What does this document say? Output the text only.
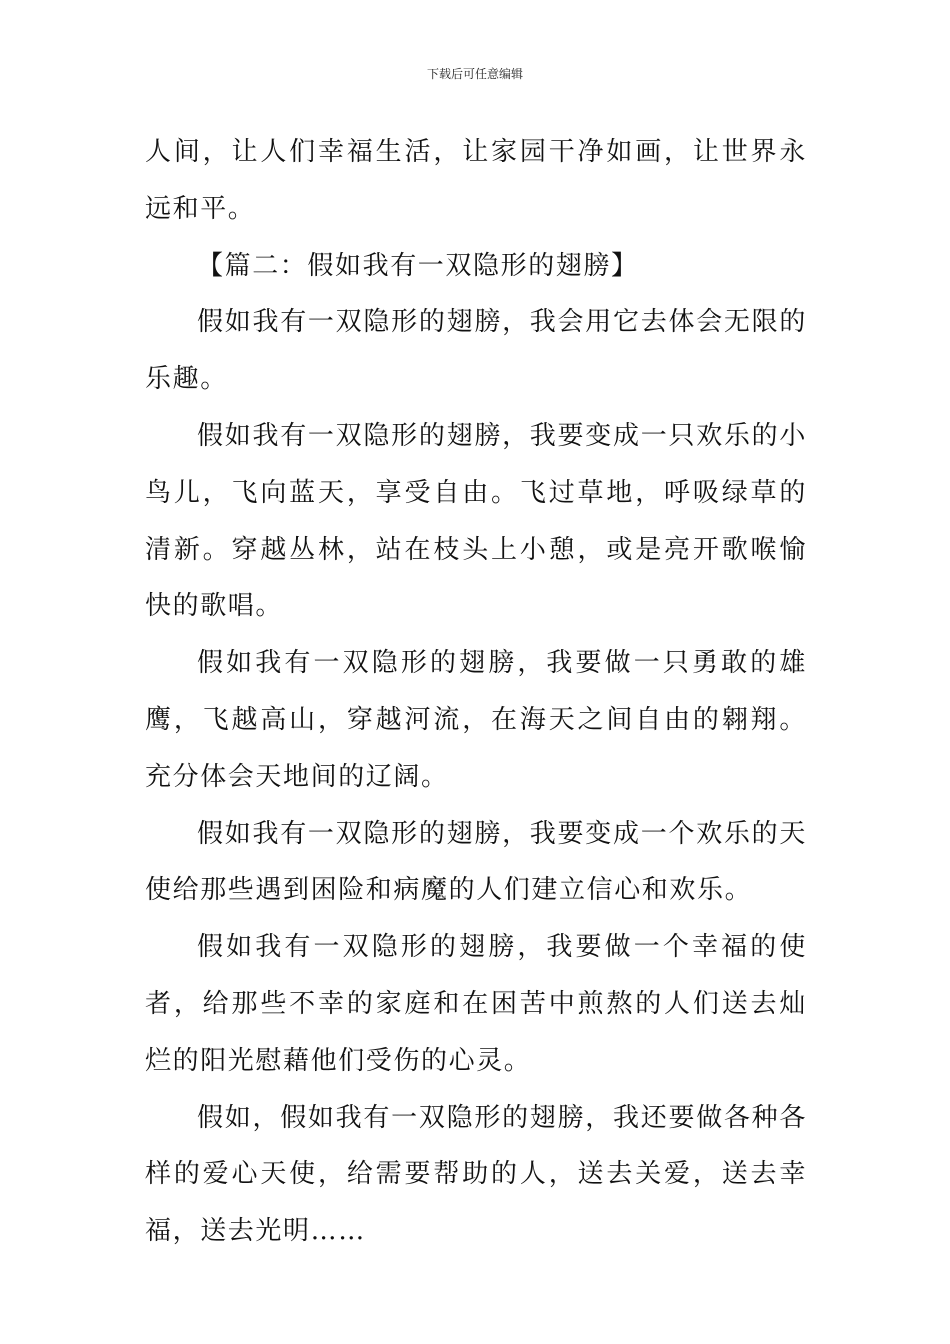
下载后可任意编辑

人间，让人们幸福生活，让家园干净如画，让世界永远和平。

【篇二：假如我有一双隐形的翅膀】

假如我有一双隐形的翅膀，我会用它去体会无限的乐趣。

假如我有一双隐形的翅膀，我要变成一只欢乐的小鸟儿，飞向蓝天，享受自由。飞过草地，呼吸绿草的清新。穿越丛林，站在枝头上小憩，或是亮开歌喉愉快的歌唱。

假如我有一双隐形的翅膀，我要做一只勇敢的雄鹰，飞越高山，穿越河流，在海天之间自由的翱翔。充分体会天地间的辽阔。

假如我有一双隐形的翅膀，我要变成一个欢乐的天使给那些遇到困险和病魔的人们建立信心和欢乐。

假如我有一双隐形的翅膀，我要做一个幸福的使者，给那些不幸的家庭和在困苦中煎熬的人们送去灿烂的阳光慰藉他们受伤的心灵。

假如，假如我有一双隐形的翅膀，我还要做各种各样的爱心天使，给需要帮助的人，送去关爱，送去幸福，送去光明……
